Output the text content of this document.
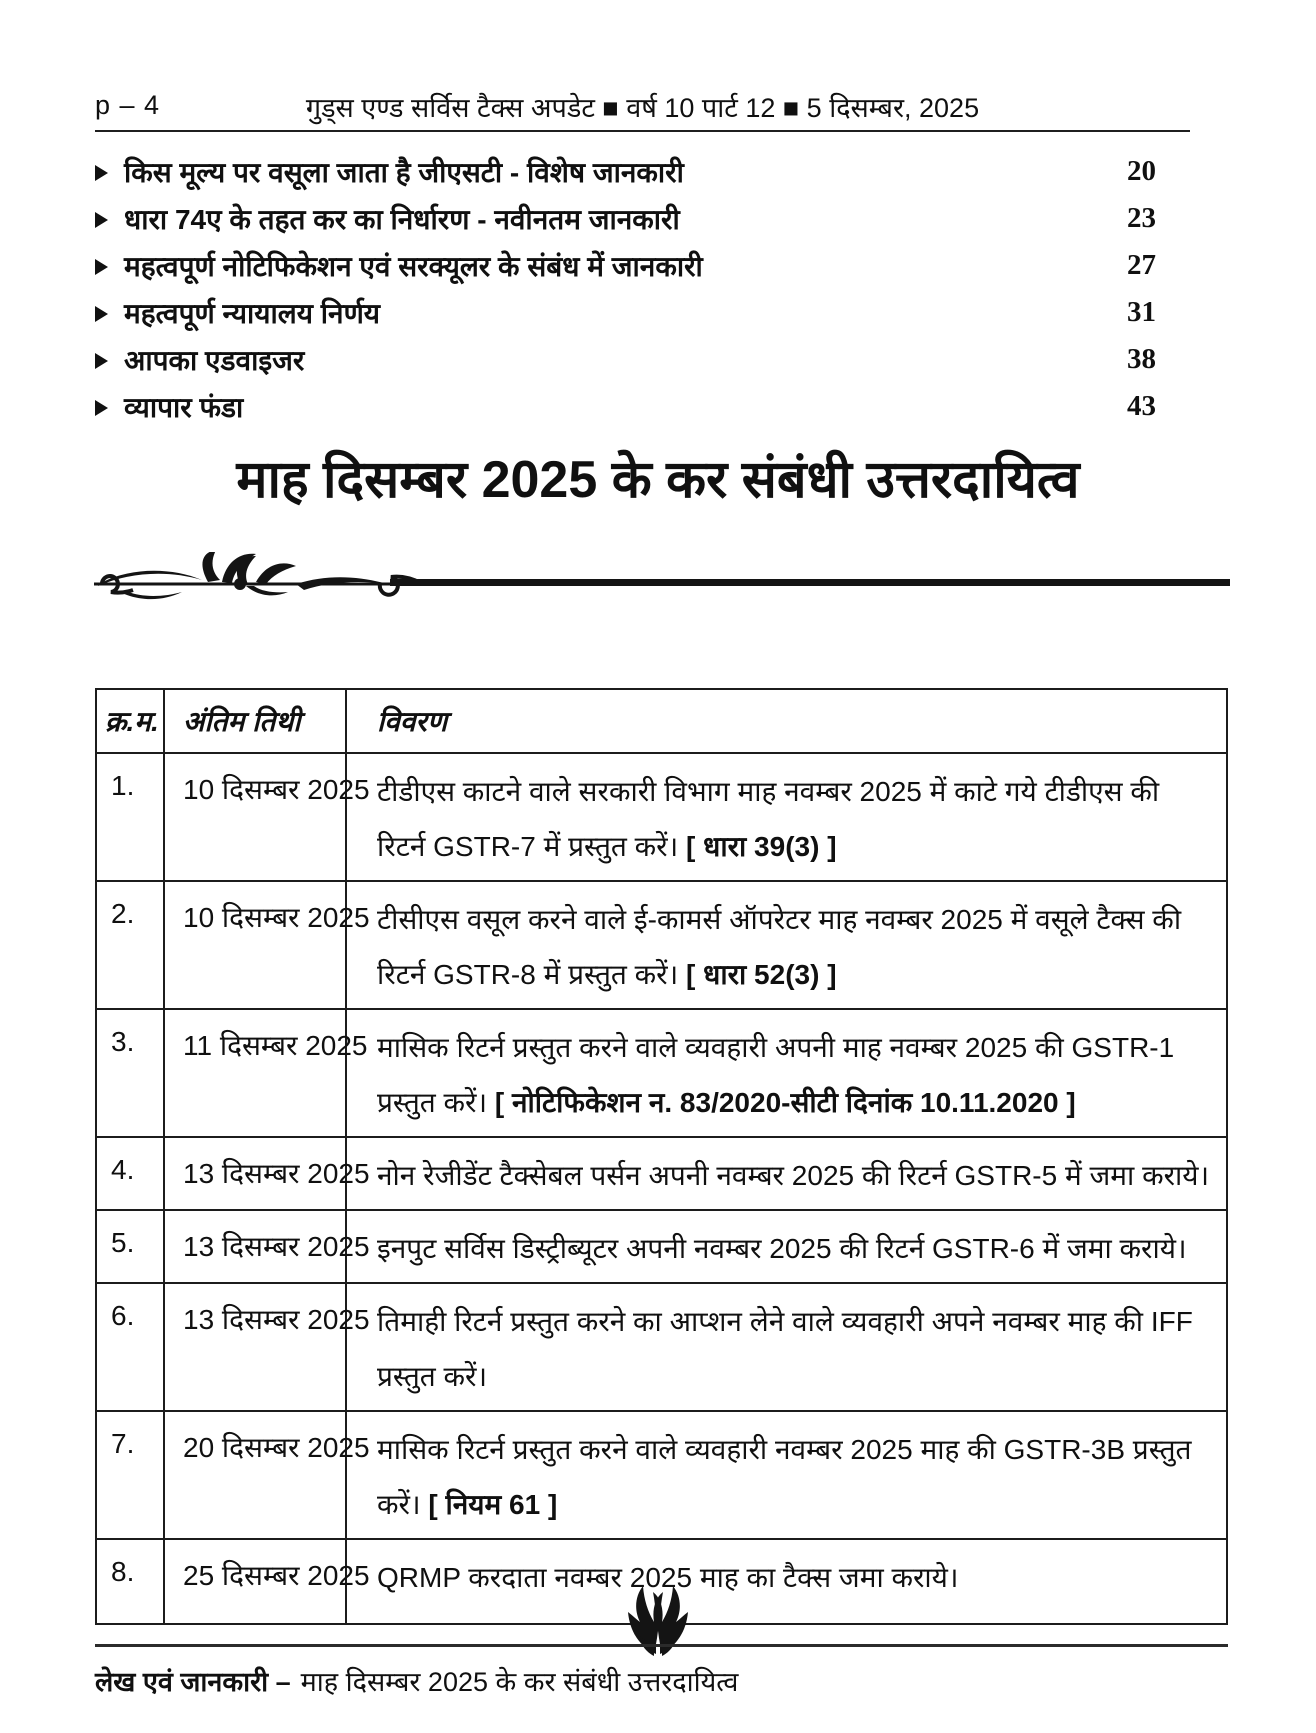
p – 4	गुड्स एण्ड सर्विस टैक्स अपडेट ■ वर्ष 10 पार्ट 12 ■ 5 दिसम्बर, 2025
किस मूल्य पर वसूला जाता है जीएसटी - विशेष जानकारी	20
धारा 74ए के तहत कर का निर्धारण - नवीनतम जानकारी	23
महत्वपूर्ण नोटिफिकेशन एवं सरक्यूलर के संबंध में जानकारी	27
महत्वपूर्ण न्यायालय निर्णय	31
आपका एडवाइजर	38
व्यापार फंडा	43
माह दिसम्बर 2025 के कर संबंधी उत्तरदायित्व
क्र.म.	अंतिम तिथी	विवरण
1.	10 दिसम्बर 2025	टीडीएस काटने वाले सरकारी विभाग माह नवम्बर 2025 में काटे गये टीडीएस की रिटर्न GSTR-7 में प्रस्तुत करें। [ धारा 39(3) ]
2.	10 दिसम्बर 2025	टीसीएस वसूल करने वाले ई-कामर्स ऑपरेटर माह नवम्बर 2025 में वसूले टैक्स की रिटर्न GSTR-8 में प्रस्तुत करें। [ धारा 52(3) ]
3.	11 दिसम्बर 2025	मासिक रिटर्न प्रस्तुत करने वाले व्यवहारी अपनी माह नवम्बर 2025 की GSTR-1 प्रस्तुत करें। [ नोटिफिकेशन न. 83/2020-सीटी दिनांक 10.11.2020 ]
4.	13 दिसम्बर 2025	नोन रेजीडेंट टैक्सेबल पर्सन अपनी नवम्बर 2025 की रिटर्न GSTR-5 में जमा कराये।
5.	13 दिसम्बर 2025	इनपुट सर्विस डिस्ट्रीब्यूटर अपनी नवम्बर 2025 की रिटर्न GSTR-6 में जमा कराये।
6.	13 दिसम्बर 2025	तिमाही रिटर्न प्रस्तुत करने का आप्शन लेने वाले व्यवहारी अपने नवम्बर माह की IFF प्रस्तुत करें।
7.	20 दिसम्बर 2025	मासिक रिटर्न प्रस्तुत करने वाले व्यवहारी नवम्बर 2025 माह की GSTR-3B प्रस्तुत करें। [ नियम 61 ]
8.	25 दिसम्बर 2025	QRMP करदाता नवम्बर 2025 माह का टैक्स जमा कराये।
लेख एवं जानकारी – माह दिसम्बर 2025 के कर संबंधी उत्तरदायित्व
